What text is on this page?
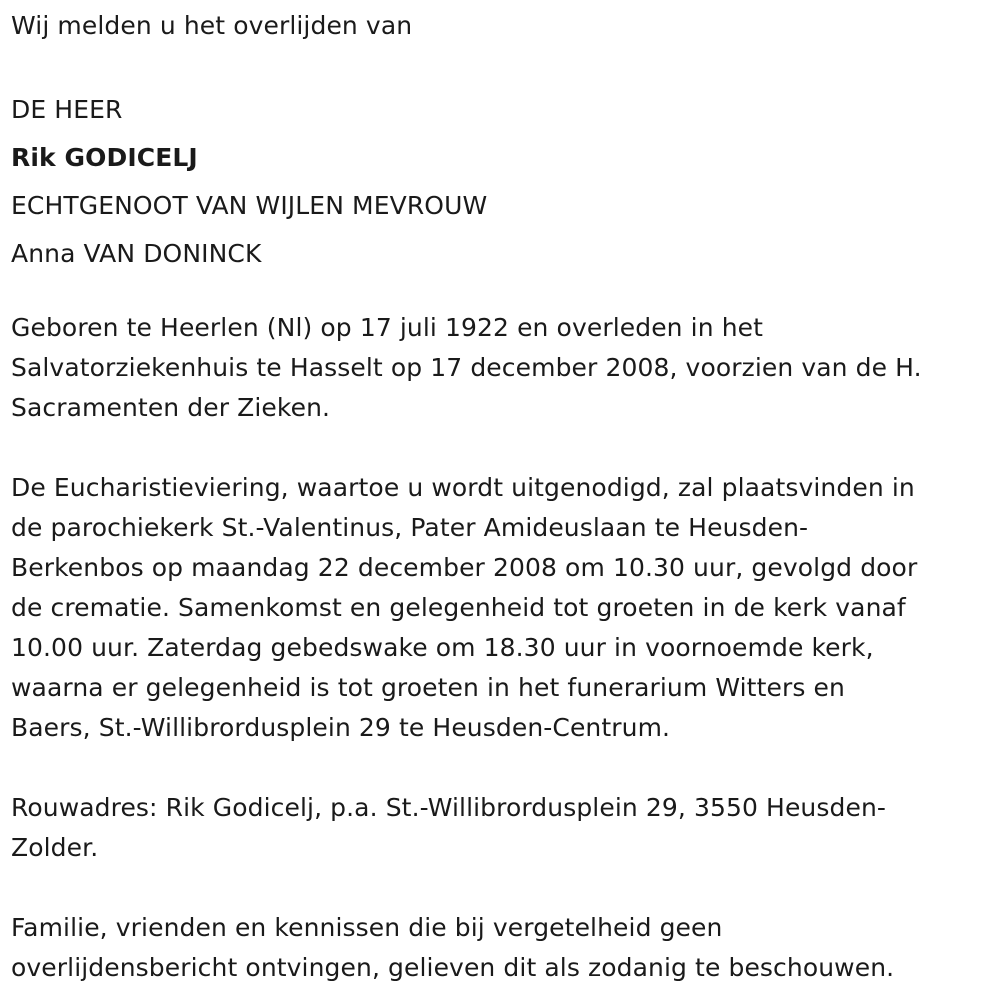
Wij melden u het overlijden van

DE HEER

Rik GODICELJ

ECHTGENOOT VAN WIJLEN MEVROUW

Anna VAN DONINCK

Geboren te Heerlen (Nl) op 17 juli 1922 en overleden in het

Salvatorziekenhuis te Hasselt op 17 december 2008, voorzien van de H.

Sacramenten der Zieken.

De Eucharistieviering, waartoe u wordt uitgenodigd, zal plaatsvinden in

de parochiekerk St.-Valentinus, Pater Amideuslaan te Heusden-

Berkenbos op maandag 22 december 2008 om 10.30 uur, gevolgd door

de crematie. Samenkomst en gelegenheid tot groeten in de kerk vanaf

10.00 uur. Zaterdag gebedswake om 18.30 uur in voornoemde kerk,

waarna er gelegenheid is tot groeten in het funerarium Witters en

Baers, St.-Willibrordusplein 29 te Heusden-Centrum.

Rouwadres: Rik Godicelj, p.a. St.-Willibrordusplein 29, 3550 Heusden-

Zolder.

Familie, vrienden en kennissen die bij vergetelheid geen

overlijdensbericht ontvingen, gelieven dit als zodanig te beschouwen.
